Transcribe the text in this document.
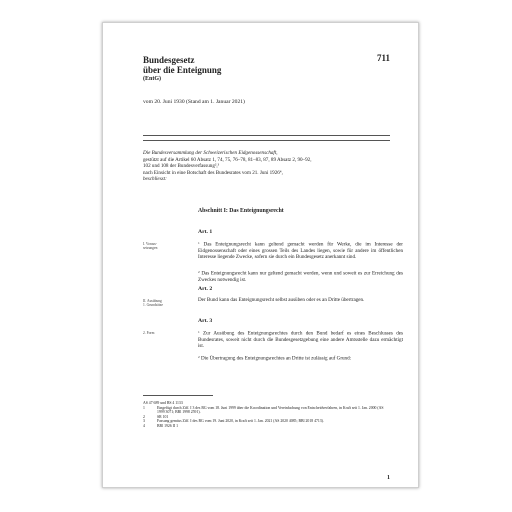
Bundesgesetz
über die Enteignung
(EntG)
711
vom 20. Juni 1930 (Stand am 1. Januar 2021)
Die Bundesversammlung der Schweizerischen Eidgenossenschaft,
gestützt auf die Artikel 60 Absatz 1, 74, 75, 76–78, 81–83, 87, 89 Absatz 2, 90–92,
102 und 108 der Bundesverfassung²,³
nach Einsicht in eine Botschaft des Bundesrates vom 21. Juni 1926⁴,
beschliesst:
Abschnitt I: Das Enteignungsrecht
Art. 1
I. Voraus-
setzungen
$^1$ Das Enteignungsrecht kann geltend gemacht werden für Werke, die im Interesse der Eidgenossenschaft oder eines grossen Teils des Landes liegen, sowie für andere im öffentlichen Interesse liegende Zwecke, sofern sie durch ein Bundesgesetz anerkannt sind.
$^2$ Das Enteignungsrecht kann nur geltend gemacht werden, wenn und soweit es zur Erreichung des Zweckes notwendig ist.
Art. 2
II. Ausübung
1. Grundsätze
Der Bund kann das Enteignungsrecht selbst ausüben oder es an Dritte übertragen.
Art. 3
2. Form	$^1$ Zur Ausübung des Enteignungsrechtes durch den Bund bedarf es eines Beschlusses des Bundesrates, soweit nicht durch die Bundesgesetzgebung eine andere Amtsstelle dazu ermächtigt ist.
$^2$ Die Übertragung des Enteignungsrechtes an Dritte ist zulässig auf Grund:
AS 47 689 und BS 4 1133
1	Eingefügt durch Ziff. I 3 des BG vom 18. Juni 1999 über die Koordination und Vereinfachung von Entscheidverfahren, in Kraft seit 1. Jan. 2000 (AS 1999 3071; BBl 1998 2591).
2	SR 101
3	Fassung gemäss Ziff. I des BG vom 19. Juni 2020, in Kraft seit 1. Jan. 2021 (AS 2020 4085; BBl 2018 4713).
4	BBl 1926 II 1
1
